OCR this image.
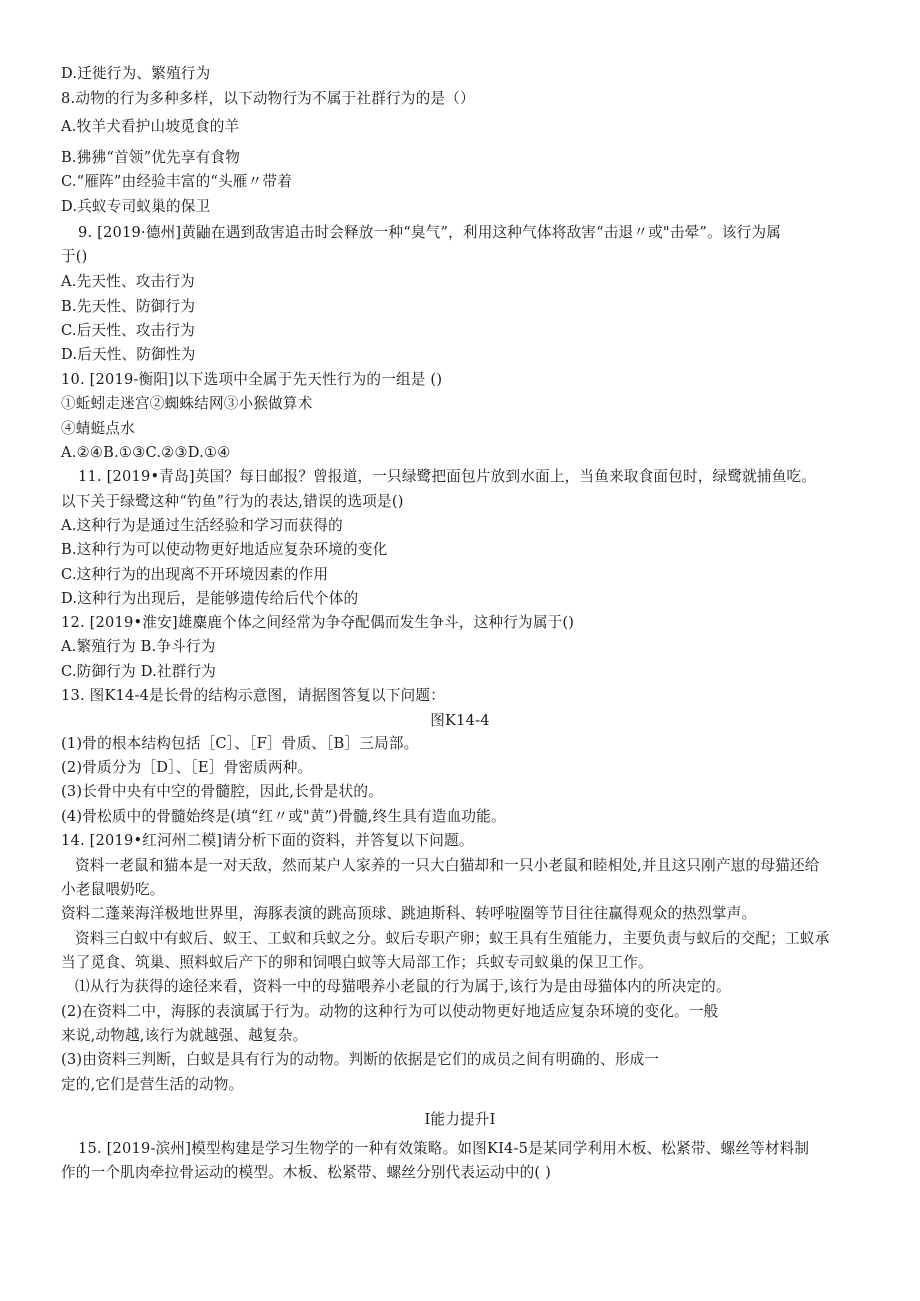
D.迁徙行为、繁殖行为
8.动物的行为多种多样，以下动物行为不属于社群行为的是（）
A.牧羊犬看护山坡觅食的羊
B.狒狒“首领”优先享有食物
C.“雁阵”由经验丰富的“头雁〃带着
D.兵蚁专司蚁巢的保卫
9. [2019·德州]黄鼬在遇到敌害追击时会释放一种“臭气”，利用这种气体将敌害“击退〃或"击晕”。该行为属
于()
A.先天性、攻击行为
B.先天性、防御行为
C.后天性、攻击行为
D.后天性、防御性为
10. [2019-衡阳]以下选项中全属于先天性行为的一组是 ()
①蚯蚓走迷宫②蜘蛛结网③小猴做算术
④蜻蜓点水
A.②④B.①③C.②③D.①④
11. [2019•青岛]英国？每日邮报？曾报道，一只绿鹭把面包片放到水面上，当鱼来取食面包时，绿鹭就捕鱼吃。
以下关于绿鹭这种“钓鱼”行为的表达,错误的选项是()
A.这种行为是通过生活经验和学习而获得的
B.这种行为可以使动物更好地适应复杂环境的变化
C.这种行为的出现离不开环境因素的作用
D.这种行为出现后，是能够遗传给后代个体的
12. [2019•淮安]雄麋鹿个体之间经常为争夺配偶而发生争斗，这种行为属于()
A.繁殖行为 B.争斗行为
C.防御行为 D.社群行为
13. 图K14-4是长骨的结构示意图，请据图答复以下问题：
图K14-4
(1)骨的根本结构包括［C］、［F］骨质、［B］三局部。
(2)骨质分为［D］、［E］骨密质两种。
(3)长骨中央有中空的骨髓腔，因此,长骨是状的。
(4)骨松质中的骨髓始终是(填“红〃或"黄”)骨髓,终生具有造血功能。
14. [2019•红河州二模]请分析下面的资料，并答复以下问题。
资料一老鼠和猫本是一对天敌，然而某户人家养的一只大白猫却和一只小老鼠和睦相处,并且这只刚产崽的母猫还给
小老鼠喂奶吃。
资料二蓬莱海洋极地世界里，海豚表演的跳高顶球、跳迪斯科、转呼啦圈等节目往往赢得观众的热烈掌声。
资料三白蚁中有蚁后、蚁王、工蚁和兵蚁之分。蚁后专职产卵；蚁王具有生殖能力，主要负责与蚁后的交配；工蚁承
当了觅食、筑巢、照料蚁后产下的卵和饲喂白蚁等大局部工作；兵蚁专司蚁巢的保卫工作。
⑴从行为获得的途径来看，资料一中的母猫喂养小老鼠的行为属于,该行为是由母猫体内的所决定的。
(2)在资料二中，海豚的表演属于行为。动物的这种行为可以使动物更好地适应复杂环境的变化。一般
来说,动物越,该行为就越强、越复杂。
(3)由资料三判断，白蚁是具有行为的动物。判断的依据是它们的成员之间有明确的、形成一
定的,它们是营生活的动物。
I能力提升I
15. [2019-滨州]模型构建是学习生物学的一种有效策略。如图KI4-5是某同学利用木板、松紧带、螺丝等材料制
作的一个肌肉牵拉骨运动的模型。木板、松紧带、螺丝分别代表运动中的( )
